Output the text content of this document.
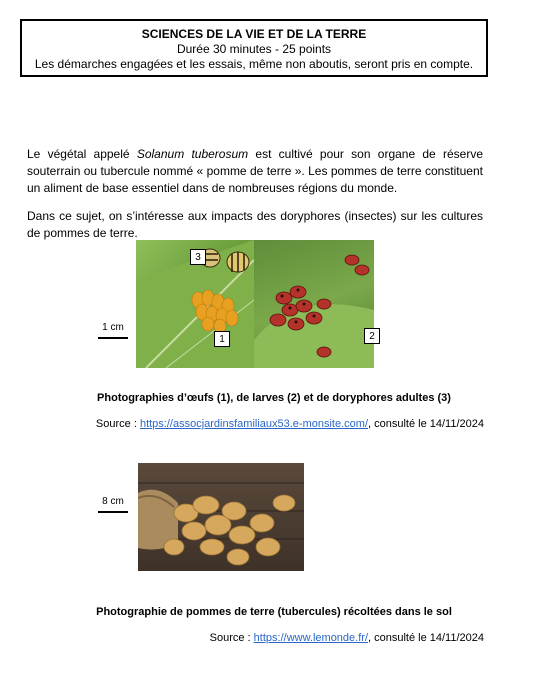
SCIENCES DE LA VIE ET DE LA TERRE
Durée 30 minutes - 25 points
Les démarches engagées et les essais, même non aboutis, seront pris en compte.
Le végétal appelé Solanum tuberosum est cultivé pour son organe de réserve souterrain ou tubercule nommé « pomme de terre ». Les pommes de terre constituent un aliment de base essentiel dans de nombreuses régions du monde.
Dans ce sujet, on s’intéresse aux impacts des doryphores (insectes) sur les cultures de pommes de terre.
1 cm
3
1	2
Photographies d’œufs (1), de larves (2) et de doryphores adultes (3)
Source : https://assocjardinsfamiliaux53.e-monsite.com/, consulté le 14/11/2024
8 cm
Photographie de pommes de terre (tubercules) récoltées dans le sol
Source : https://www.lemonde.fr/, consulté le 14/11/2024
